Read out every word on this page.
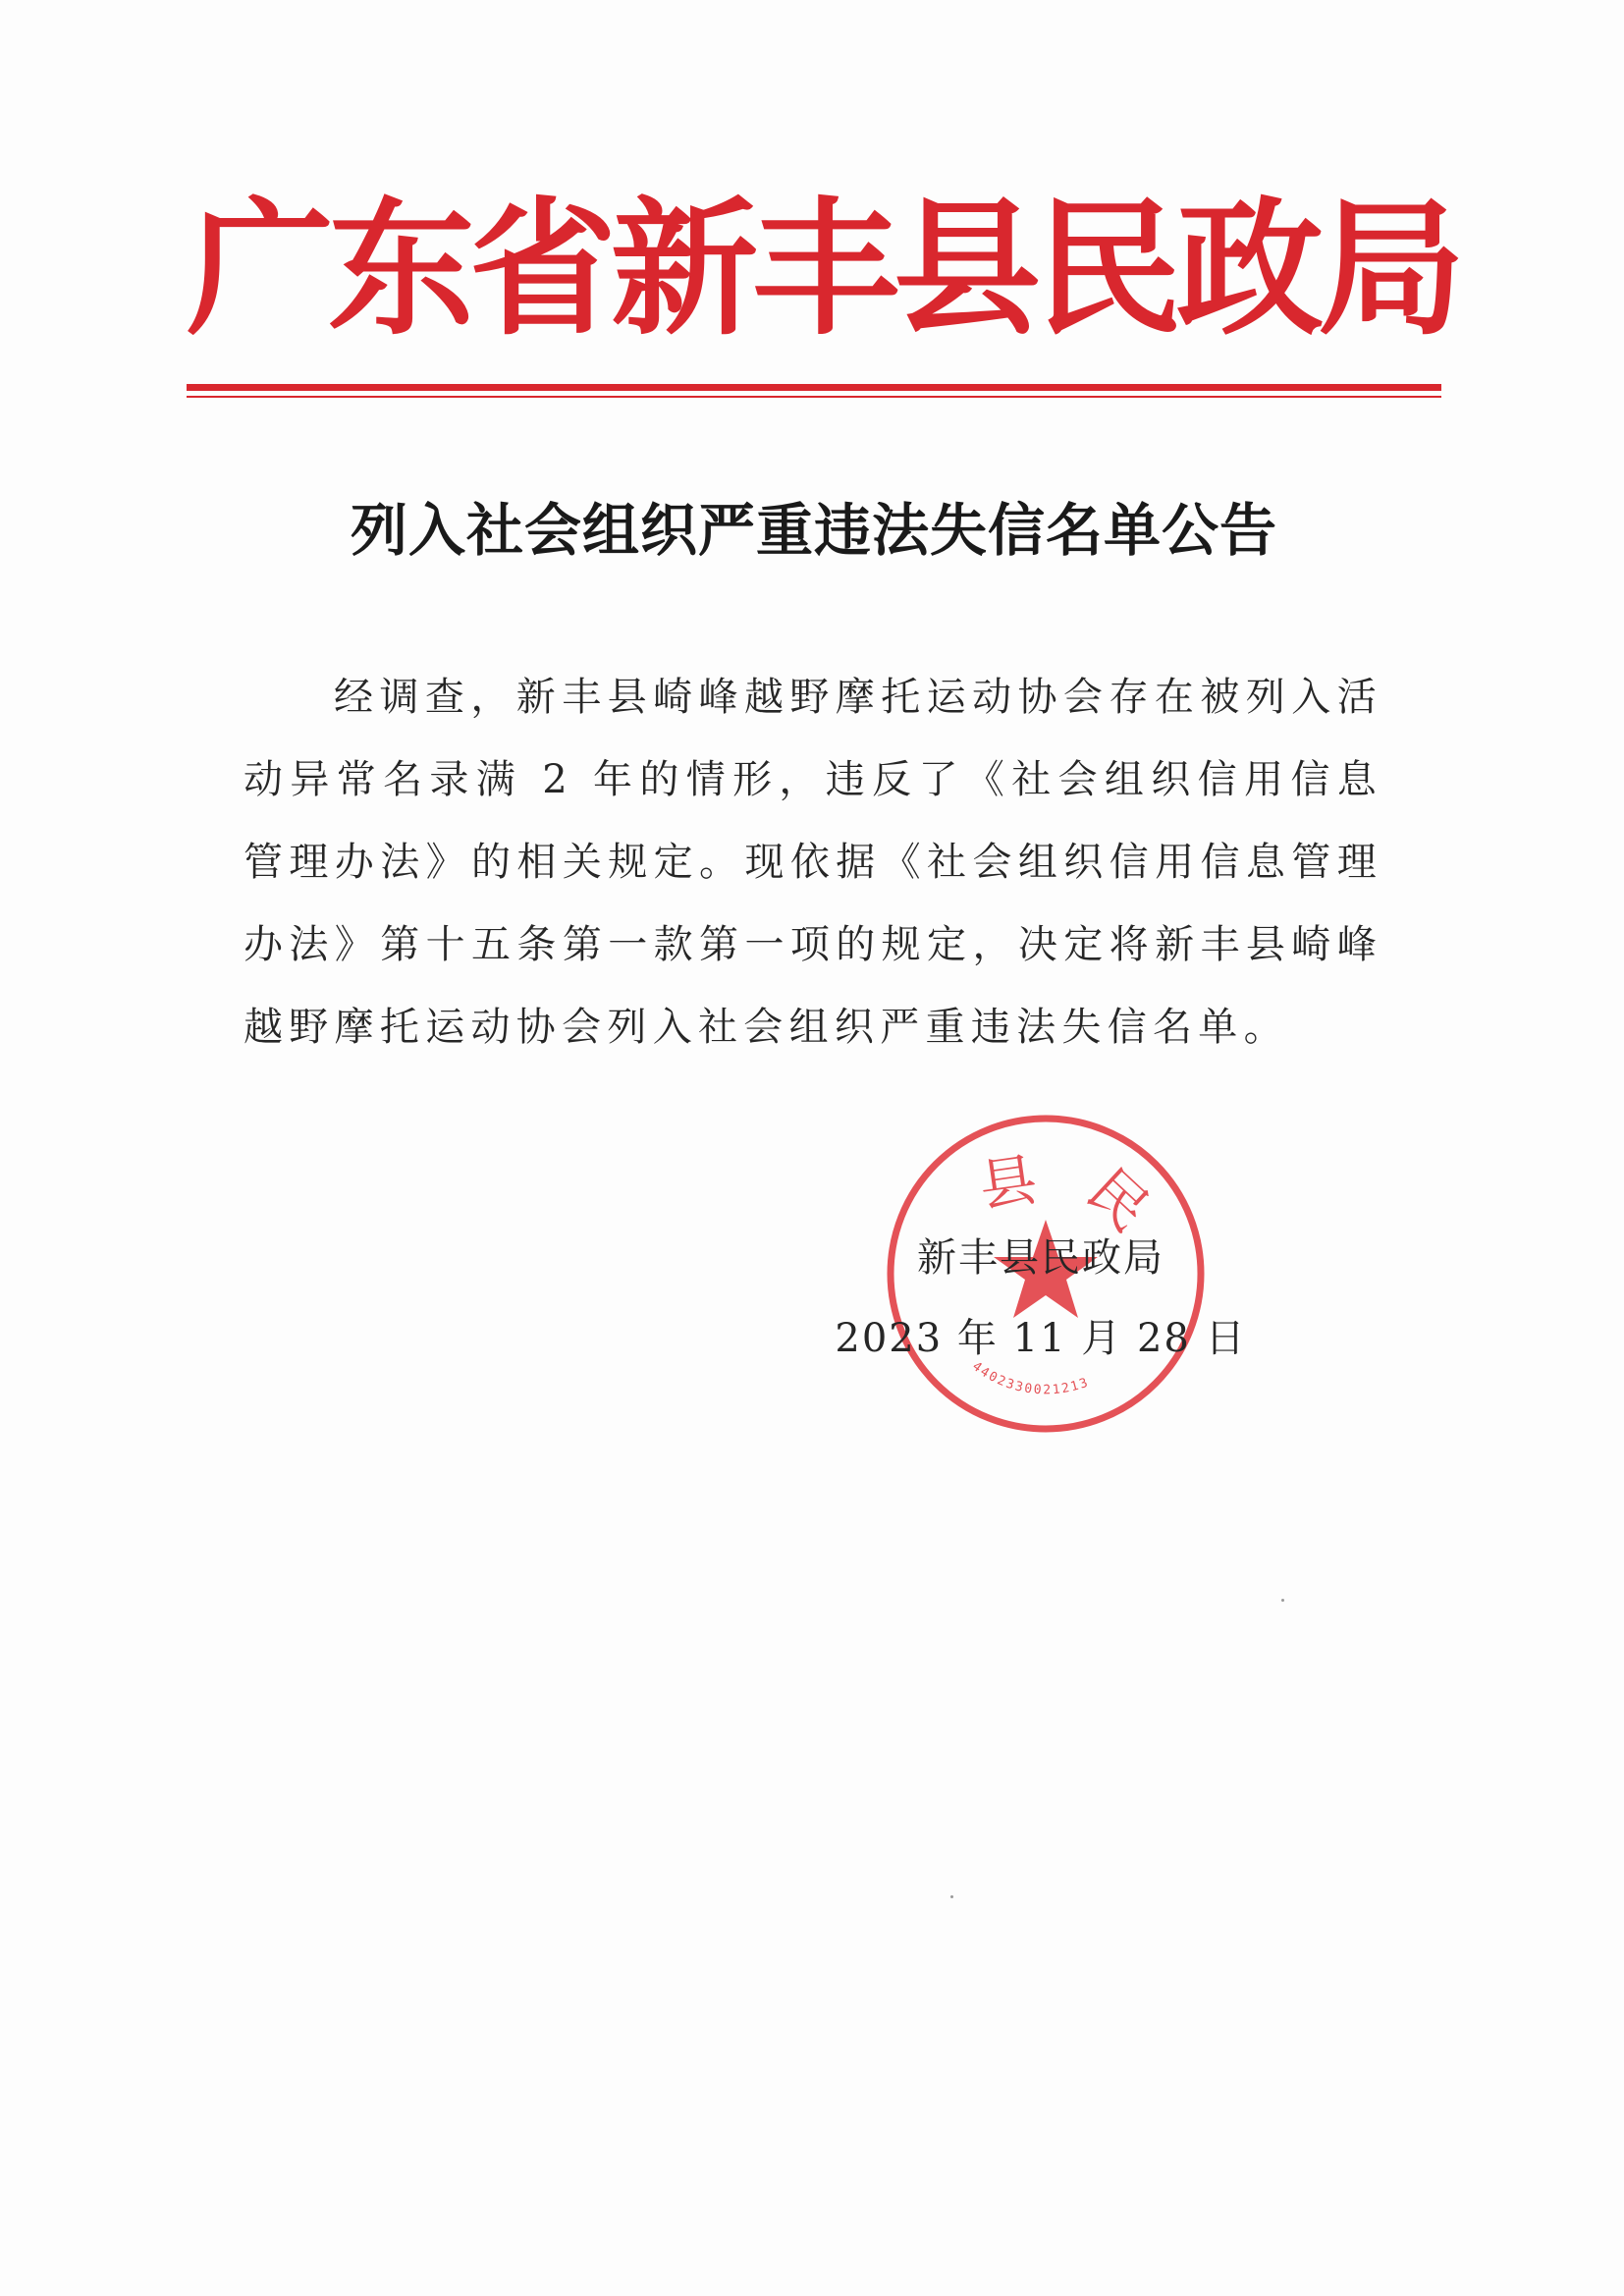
广东省新丰县民政局
列入社会组织严重违法失信名单公告

经调查，新丰县崎峰越野摩托运动协会存在被列入活动异常名录满 2 年的情形，违反了《社会组织信用信息管理办法》的相关规定。现依据《社会组织信用信息管理办法》第十五条第一款第一项的规定，决定将新丰县崎峰越野摩托运动协会列入社会组织严重违法失信名单。

县民
4402330021213
新丰县民政局
2023 年 11 月 28 日
